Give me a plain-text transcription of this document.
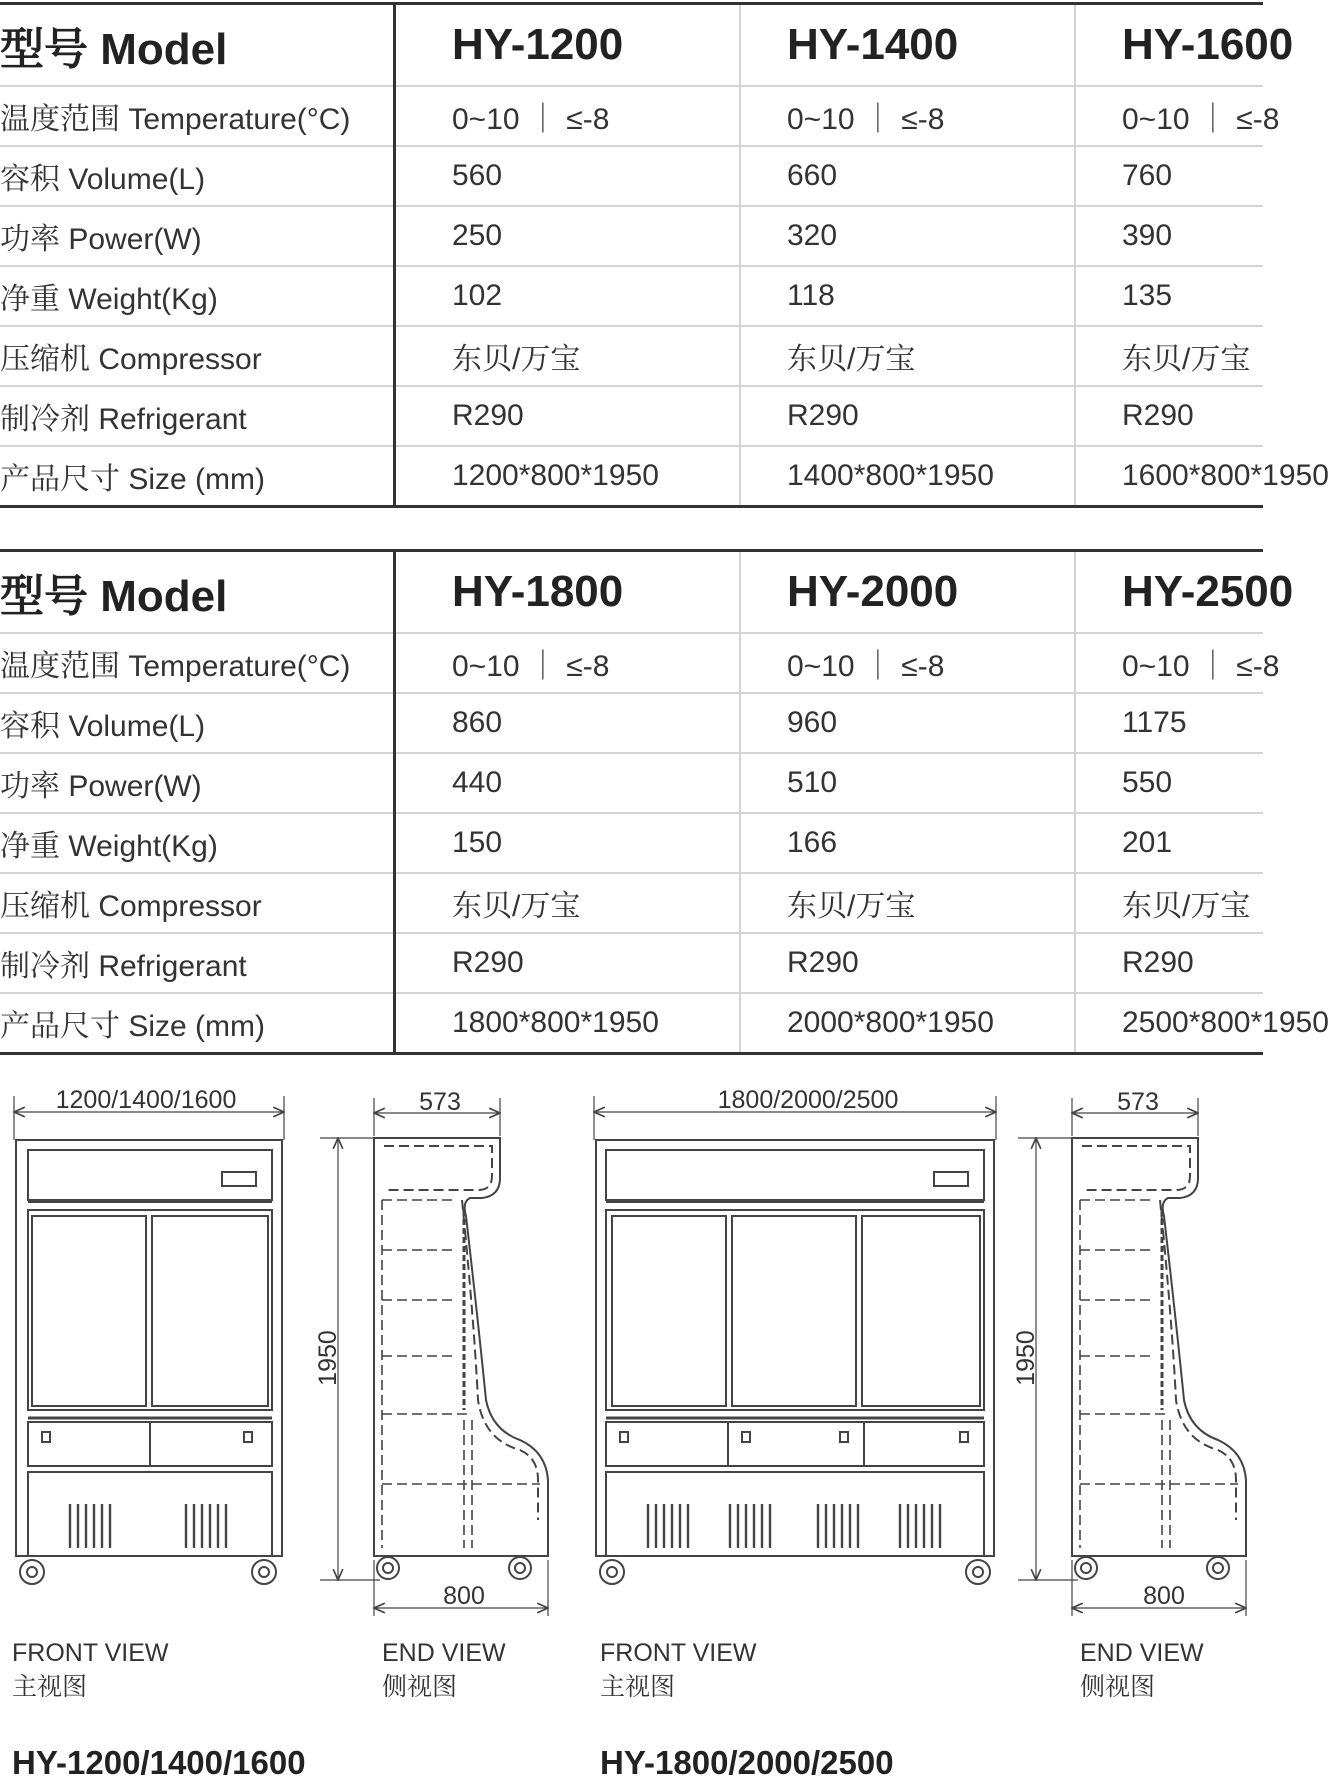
型号 Model	HY-1200	HY-1400	HY-1600
温度范围 Temperature(°C)	0~10 ｜ ≤-8	0~10 ｜ ≤-8	0~10 ｜ ≤-8
容积 Volume(L)	560	660	760
功率 Power(W)	250	320	390
净重 Weight(Kg)	102	118	135
压缩机 Compressor	东贝/万宝	东贝/万宝	东贝/万宝
制冷剂 Refrigerant	R290	R290	R290
产品尺寸 Size (mm)	1200*800*1950	1400*800*1950	1600*800*1950
型号 Model	HY-1800	HY-2000	HY-2500
温度范围 Temperature(°C)	0~10 ｜ ≤-8	0~10 ｜ ≤-8	0~10 ｜ ≤-8
容积 Volume(L)	860	960	1175
功率 Power(W)	440	510	550
净重 Weight(Kg)	150	166	201
压缩机 Compressor	东贝/万宝	东贝/万宝	东贝/万宝
制冷剂 Refrigerant	R290	R290	R290
产品尺寸 Size (mm)	1800*800*1950	2000*800*1950	2500*800*1950
1200/1400/1600	573
1950
800
1800/2000/2500	573
1950
800
FRONT VIEW
主视图
END VIEW
侧视图
FRONT VIEW
主视图
END VIEW
侧视图
HY-1200/1400/1600	HY-1800/2000/2500
